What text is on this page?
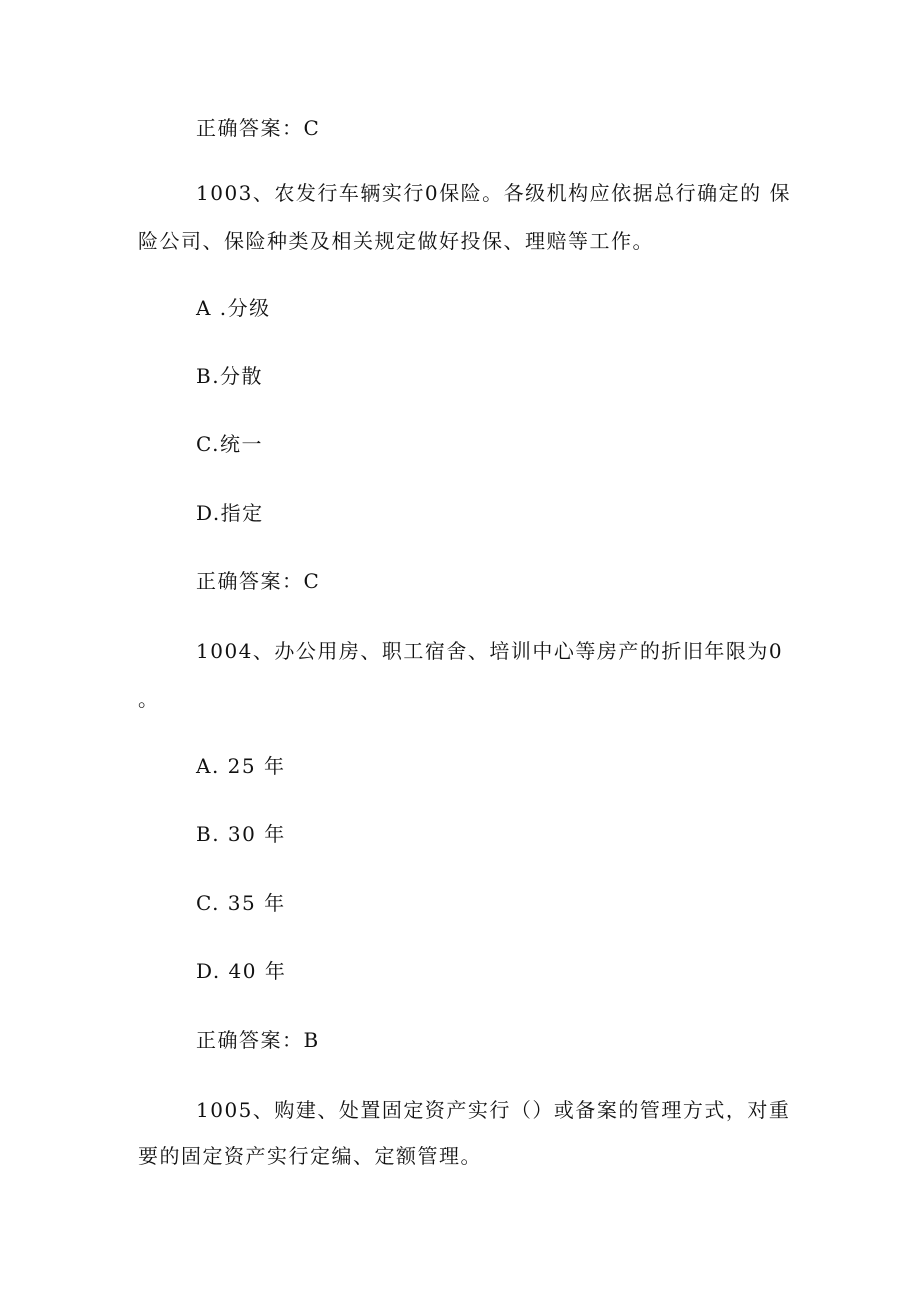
正确答案：C
1003、农发行车辆实行0保险。各级机构应依据总行确定的 保
险公司、保险种类及相关规定做好投保、理赔等工作。
A .分级
B.分散
C.统一
D.指定
正确答案：C
1004、办公用房、职工宿舍、培训中心等房产的折旧年限为0
。
A. 25 年
B. 30 年
C. 35 年
D. 40 年
正确答案：B
1005、购建、处置固定资产实行（）或备案的管理方式，对重
要的固定资产实行定编、定额管理。
